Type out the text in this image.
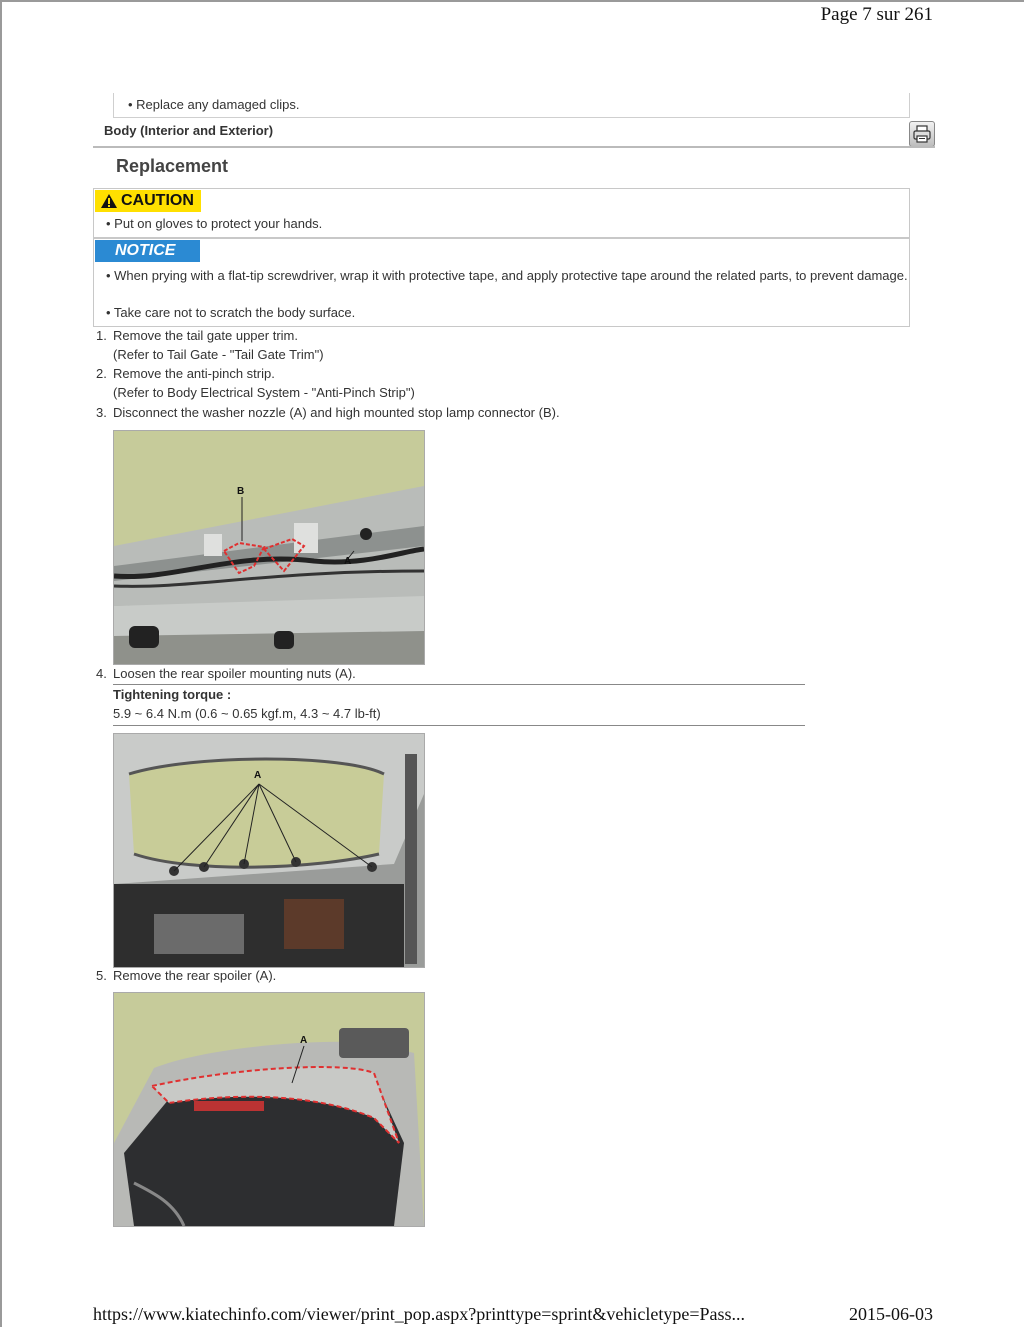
Page 7 sur 261
• Replace any damaged clips.
Body (Interior and Exterior)
Replacement
CAUTION
• Put on gloves to protect your hands.
NOTICE
• When prying with a flat-tip screwdriver, wrap it with protective tape, and apply protective tape around the related parts, to prevent damage.
• Take care not to scratch the body surface.
1. Remove the tail gate upper trim.
(Refer to Tail Gate - "Tail Gate Trim")
2. Remove the anti-pinch strip.
(Refer to Body Electrical System - "Anti-Pinch Strip")
3. Disconnect the washer nozzle (A) and high mounted stop lamp connector (B).
B
A
4. Loosen the rear spoiler mounting nuts (A).
Tightening torque :
5.9 ~ 6.4 N.m (0.6 ~ 0.65 kgf.m, 4.3 ~ 4.7 lb-ft)
A
5. Remove the rear spoiler (A).
A
https://www.kiatechinfo.com/viewer/print_pop.aspx?printtype=sprint&vehicletype=Pass...	2015-06-03
